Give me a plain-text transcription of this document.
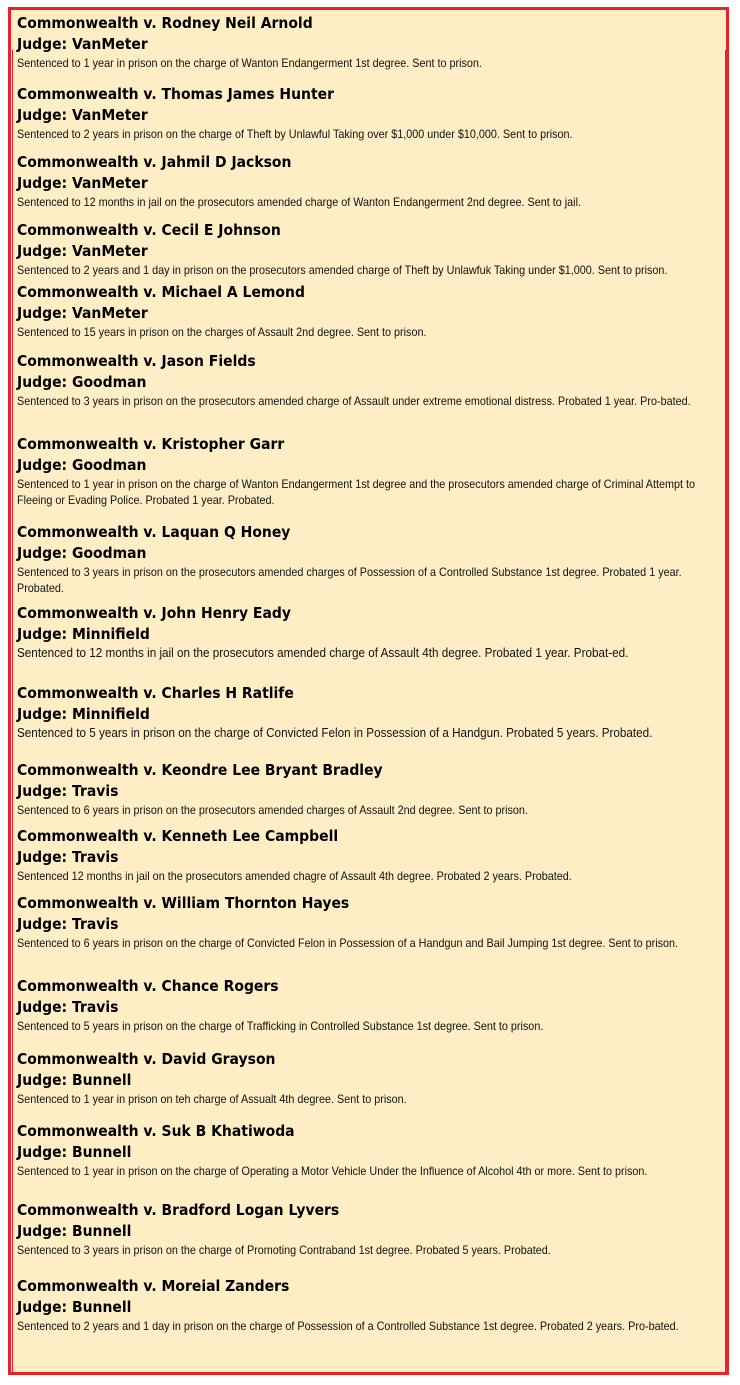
Commonwealth v. Rodney Neil Arnold
Judge: VanMeter
Sentenced to 1 year in prison on the charge of Wanton Endangerment 1st degree. Sent to prison.
Commonwealth v. Thomas James Hunter
Judge: VanMeter
Sentenced to 2 years in prison on the charge of Theft by Unlawful Taking over $1,000 under $10,000. Sent to prison.
Commonwealth v. Jahmil D Jackson
Judge: VanMeter
Sentenced to 12 months in jail on the prosecutors amended charge of Wanton Endangerment 2nd degree. Sent to jail.
Commonwealth v. Cecil E Johnson
Judge: VanMeter
Sentenced to 2 years and 1 day in prison on the prosecutors amended charge of Theft by Unlawfuk Taking under $1,000. Sent to prison.
Commonwealth v. Michael A Lemond
Judge: VanMeter
Sentenced to 15 years in prison on the charges of Assault 2nd degree. Sent to prison.
Commonwealth v. Jason Fields
Judge: Goodman
Sentenced to 3 years in prison on the prosecutors amended charge of Assault under extreme emotional distress. Probated 1 year. Pro-bated.
Commonwealth v. Kristopher Garr
Judge: Goodman
Sentenced to 1 year in prison on the charge of Wanton Endangerment 1st degree and the prosecutors amended charge of Criminal Attempt to Fleeing or Evading Police. Probated 1 year. Probated.
Commonwealth v. Laquan Q Honey
Judge: Goodman
Sentenced to 3 years in prison on the prosecutors amended charges of Possession of a Controlled Substance 1st degree. Probated 1 year. Probated.
Commonwealth v. John Henry Eady
Judge: Minnifield
Sentenced to 12 months in jail on the prosecutors amended charge of Assault 4th degree. Probated 1 year. Probat-ed.
Commonwealth v. Charles H Ratlife
Judge: Minnifield
Sentenced to 5 years in prison on the charge of Convicted Felon in Possession of a Handgun. Probated 5 years. Probated.
Commonwealth v. Keondre Lee Bryant Bradley
Judge: Travis
Sentenced to 6 years in prison on the prosecutors amended charges of Assault 2nd degree. Sent to prison.
Commonwealth v. Kenneth Lee Campbell
Judge: Travis
Sentenced 12 months in jail on the prosecutors amended chagre of Assault 4th degree. Probated 2 years. Probated.
Commonwealth v. William Thornton Hayes
Judge: Travis
Sentenced to 6 years in prison on the charge of Convicted Felon in Possession of a Handgun and Bail Jumping 1st degree. Sent to prison.
Commonwealth v. Chance Rogers
Judge: Travis
Sentenced to 5 years in prison on the charge of Trafficking in Controlled Substance 1st degree. Sent to prison.
Commonwealth v. David Grayson
Judge: Bunnell
Sentenced to 1 year in prison on teh charge of Assualt 4th degree. Sent to prison.
Commonwealth v. Suk B Khatiwoda
Judge: Bunnell
Sentenced to 1 year in prison on the charge of Operating a Motor Vehicle Under the Influence of Alcohol 4th or more. Sent to prison.
Commonwealth v. Bradford Logan Lyvers
Judge: Bunnell
Sentenced to 3 years in prison on the charge of Promoting Contraband 1st degree. Probated 5 years. Probated.
Commonwealth v. Moreial Zanders
Judge: Bunnell
Sentenced to 2 years and 1 day in prison on the charge of Possession of a Controlled Substance 1st degree. Probated 2 years. Pro-bated.
